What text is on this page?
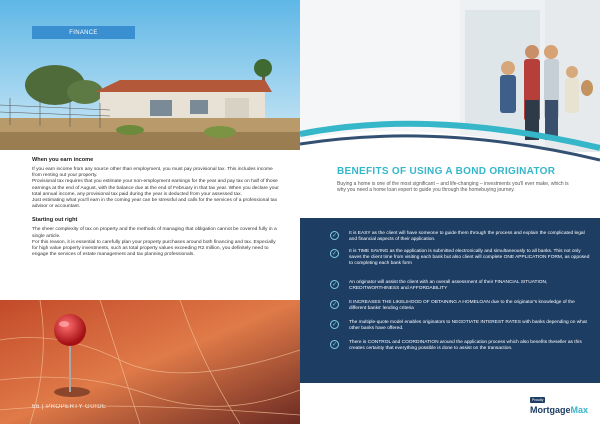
FINANCE
When you earn income

If you earn income from any source other than employment, you must pay provisional tax. This includes income from renting out your property.

Provisional tax requires that you estimate your non-employment earnings for the year and pay tax on half of those earnings at the end of August, with the balance due at the end of February in that tax year. When you declare your total annual income, any provisional tax paid during the year is deducted from your assessed tax.

Just estimating what you'll earn in the coming year can be stressful and calls for the services of a professional tax advisor or accountant.

Starting out right

The sheer complexity of tax on property and the methods of managing that obligation cannot be covered fully in a single article.

For this reason, it is essential to carefully plan your property purchases around both financing and tax. Especially for high value property investments, such as total property values exceeding R2 million, you definitely need to engage the services of estate management and tax planning professionals.

66 | PROPERTY GUIDE
BENEFITS OF USING A BOND ORIGINATOR
Buying a home is one of the most significant – and life-changing – investments you'll ever make, which is why you need a home loan expert to guide you through the homebuying journey.
✓	It is EASY as the client will have someone to guide them through the process and explain the complicated legal and financial aspects of their application.

✓	It is TIME SAVING as the application is submitted electronically and simultaneously to all banks. This not only saves the client time from visiting each bank but also client will complete ONE APPLICATION FORM, as opposed to completing each bank form

✓	An originator will assist the client with an overall assessment of their FINANCIAL SITUATION, CREDITWORTHINESS and AFFORDABILITY

✓	It INCREASES THE LIKELIHOOD OF OBTAINING A HOMELOAN due to the originator's knowledge of the different banks' lending criteria

✓	The multiple-quote model enables originators to NEGOTIATE INTEREST RATES with banks depending on what other banks have offered.

✓	There is CONTROL and COORDINATION around the application process which also benefits theseller as this creates certainty that everything possible is done to assist on the transaction.

Proudly
MortgageMax
